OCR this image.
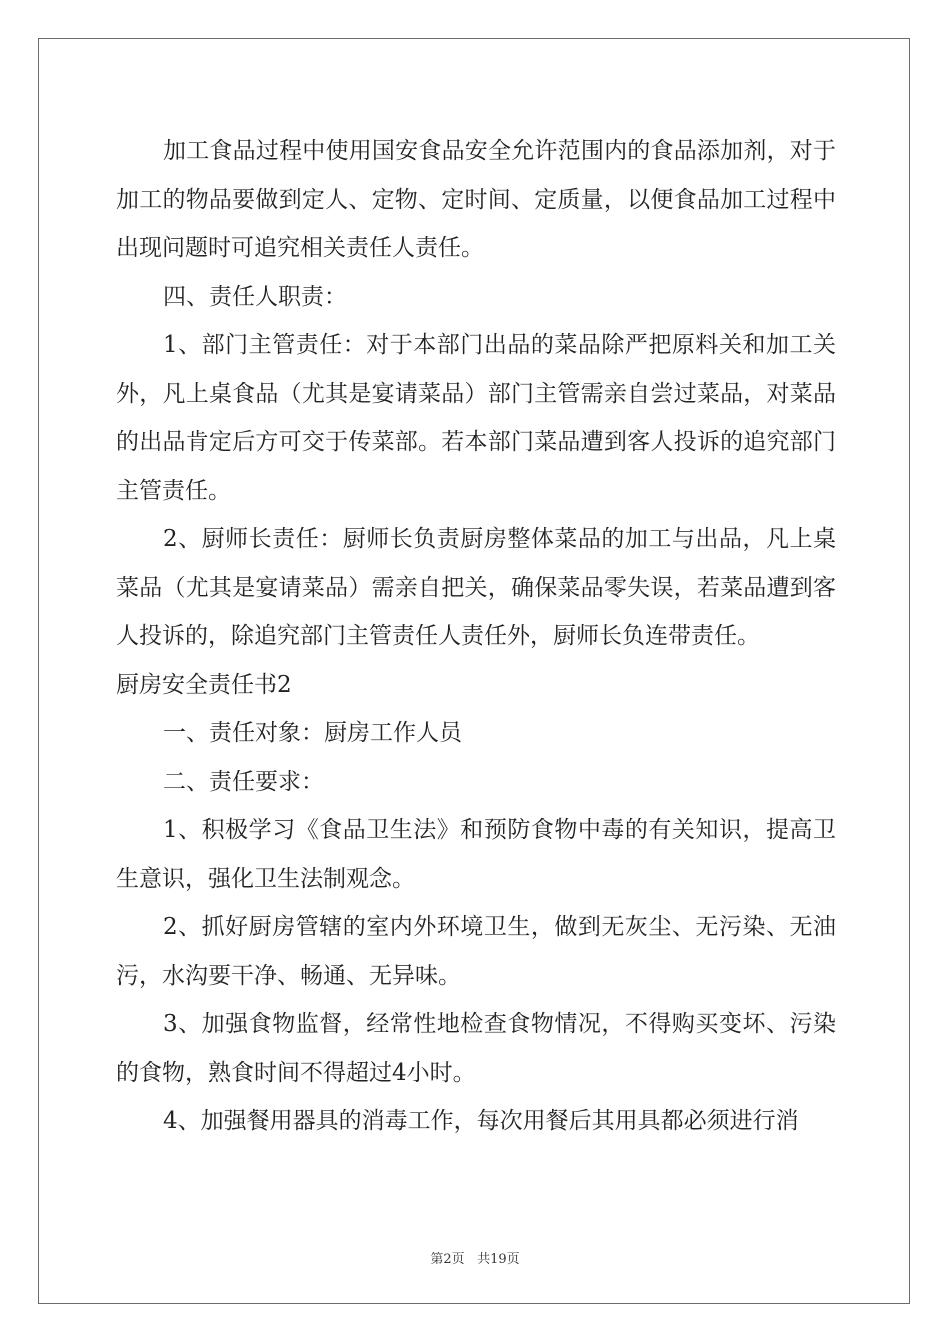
加工食品过程中使用国安食品安全允许范围内的食品添加剂，对于加工的物品要做到定人、定物、定时间、定质量，以便食品加工过程中出现问题时可追究相关责任人责任。

四、责任人职责：

1、部门主管责任：对于本部门出品的菜品除严把原料关和加工关外，凡上桌食品（尤其是宴请菜品）部门主管需亲自尝过菜品，对菜品的出品肯定后方可交于传菜部。若本部门菜品遭到客人投诉的追究部门主管责任。

2、厨师长责任：厨师长负责厨房整体菜品的加工与出品，凡上桌菜品（尤其是宴请菜品）需亲自把关，确保菜品零失误，若菜品遭到客人投诉的，除追究部门主管责任人责任外，厨师长负连带责任。

厨房安全责任书2

一、责任对象：厨房工作人员

二、责任要求：

1、积极学习《食品卫生法》和预防食物中毒的有关知识，提高卫生意识，强化卫生法制观念。

2、抓好厨房管辖的室内外环境卫生，做到无灰尘、无污染、无油污，水沟要干净、畅通、无异味。

3、加强食物监督，经常性地检查食物情况，不得购买变坏、污染的食物，熟食时间不得超过4小时。

4、加强餐用器具的消毒工作，每次用餐后其用具都必须进行消

第2页 共19页
